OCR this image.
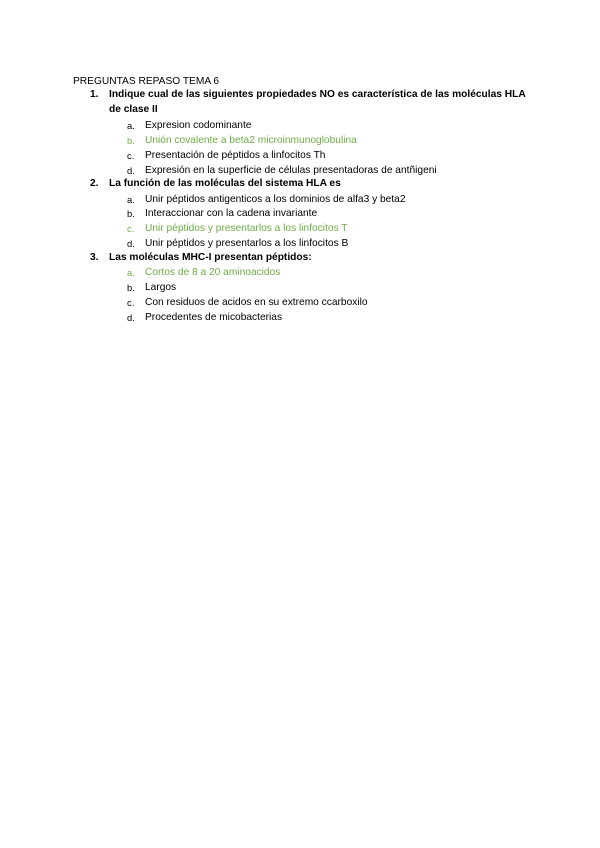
PREGUNTAS REPASO TEMA 6
1. Indique cual de las siguientes propiedades NO es característica de las moléculas HLA de clase II
a. Expresion codominante
b. Unión covalente a beta2 microinmunoglobulina
c. Presentación de péptidos a linfocitos Th
d. Expresión en la superficie de células presentadoras de antñigeni
2. La función de las moléculas del sistema HLA es
a. Unir péptidos antigenticos a los dominios de alfa3 y beta2
b. Interaccionar con la cadena invariante
c. Unir péptidos y presentarlos a los linfocitos T
d. Unir péptidos y presentarlos a los linfocitos B
3. Las moléculas MHC-I presentan péptidos:
a. Cortos de 8 a 20 aminoacidos
b. Largos
c. Con residuos de acidos en su extremo ccarboxilo
d. Procedentes de micobacterias
